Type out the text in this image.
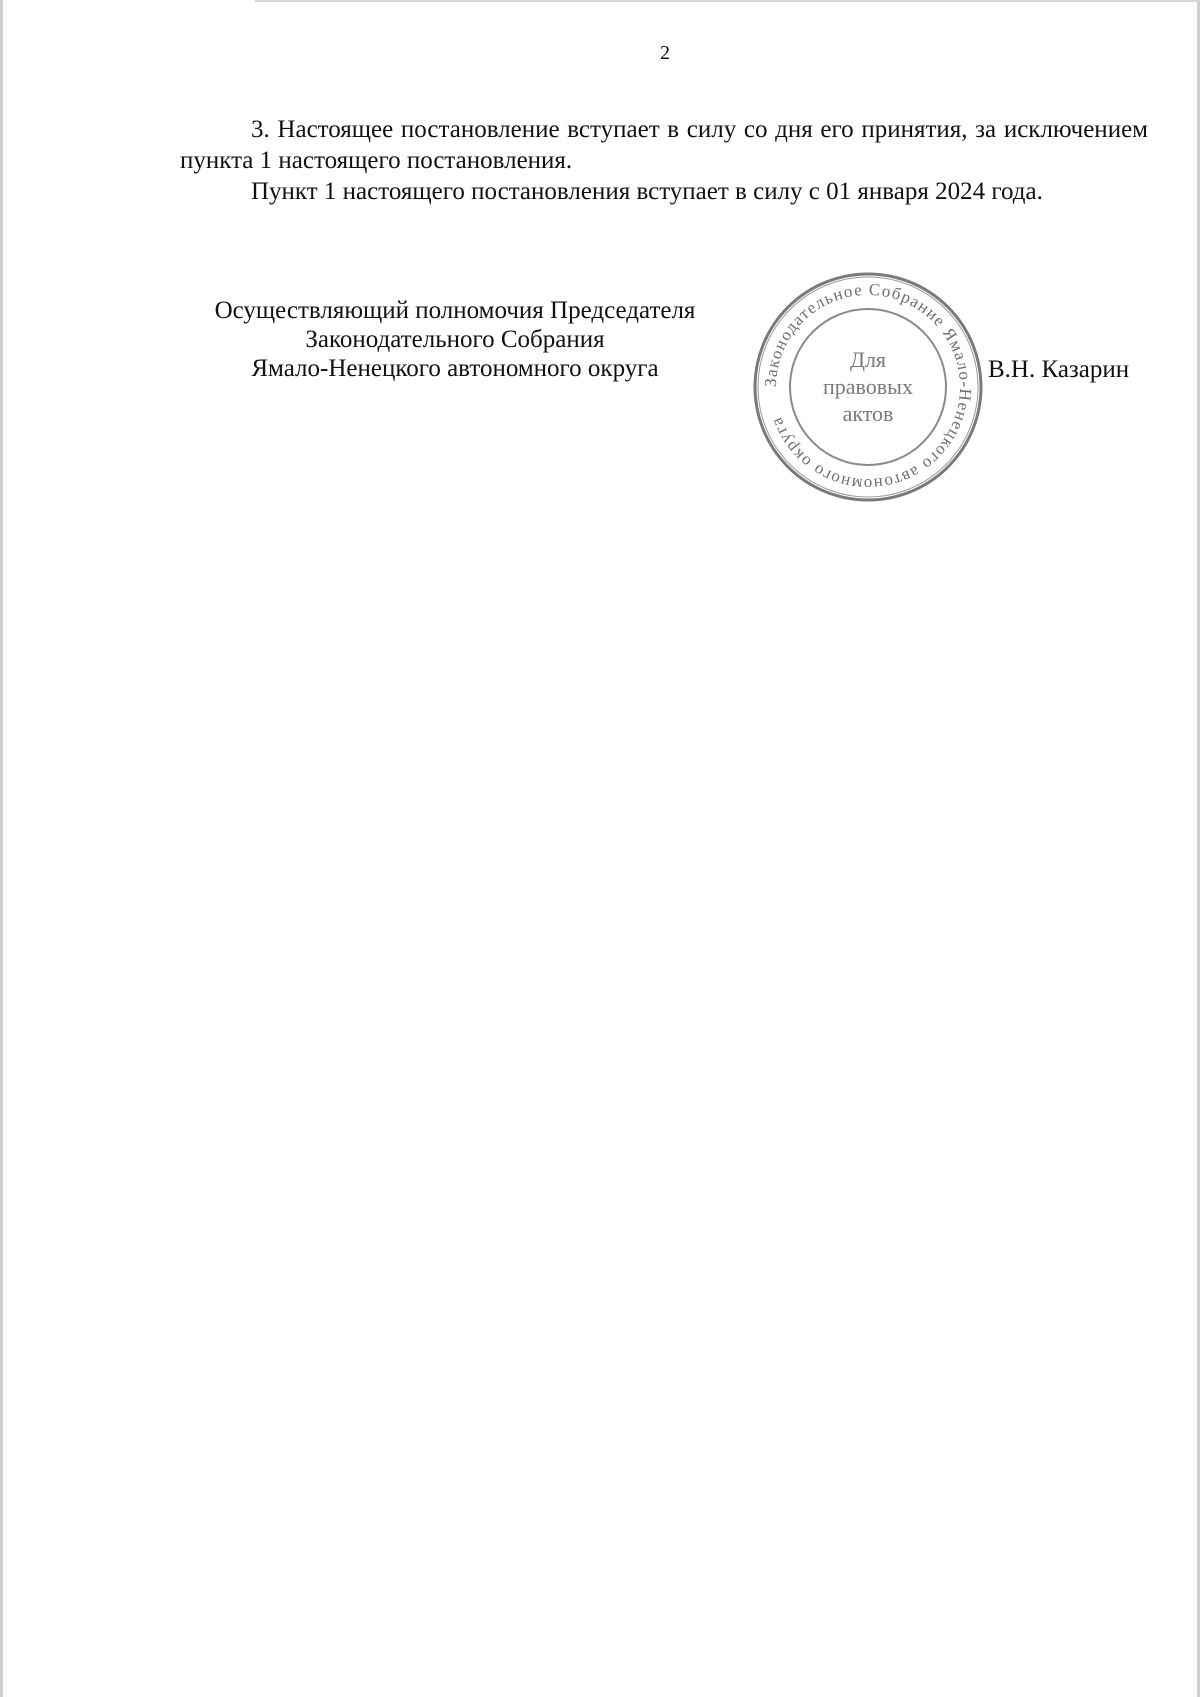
2

3. Настоящее постановление вступает в силу со дня его принятия, за исключением пункта 1 настоящего постановления.

Пункт 1 настоящего постановления вступает в силу с 01 января 2024 года.

Осуществляющий полномочия Председателя
Законодательного Собрания
Ямало-Ненецкого автономного округа	Законодательное Собрание Ямало-Ненецкого автономного округа
Для
правовых
актов
В.Н. Казарин
